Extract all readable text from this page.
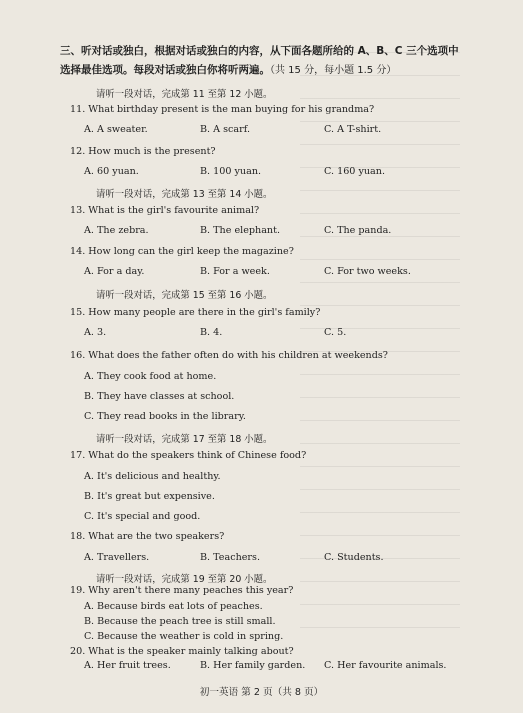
三、听对话或独白，根据对话或独白的内容，从下面各题所给的 A、B、C 三个选项中选择最佳选项。每段对话或独白你将听两遍。（共 15 分，每小题 1.5 分）

请听一段对话，完成第 11 至第 12 小题。
11. What birthday present is the man buying for his grandma?
A. A sweater.	B. A scarf.	C. A T-shirt.
12. How much is the present?
A. 60 yuan.	B. 100 yuan.	C. 160 yuan.
请听一段对话，完成第 13 至第 14 小题。
13. What is the girl's favourite animal?
A. The zebra.	B. The elephant.	C. The panda.
14. How long can the girl keep the magazine?
A. For a day.	B. For a week.	C. For two weeks.
请听一段对话，完成第 15 至第 16 小题。
15. How many people are there in the girl's family?
A. 3.	B. 4.	C. 5.
16. What does the father often do with his children at weekends?
A. They cook food at home.
B. They have classes at school.
C. They read books in the library.
请听一段对话，完成第 17 至第 18 小题。
17. What do the speakers think of Chinese food?
A. It's delicious and healthy.
B. It's great but expensive.
C. It's special and good.
18. What are the two speakers?
A. Travellers.	B. Teachers.	C. Students.
请听一段对话，完成第 19 至第 20 小题。
19. Why aren't there many peaches this year?
A. Because birds eat lots of peaches.
B. Because the peach tree is still small.
C. Because the weather is cold in spring.
初一英语 第 2 页（共 8 页）
20. What is the speaker mainly talking about?
A. Her fruit trees.	B. Her family garden. C. Her favourite animals.
